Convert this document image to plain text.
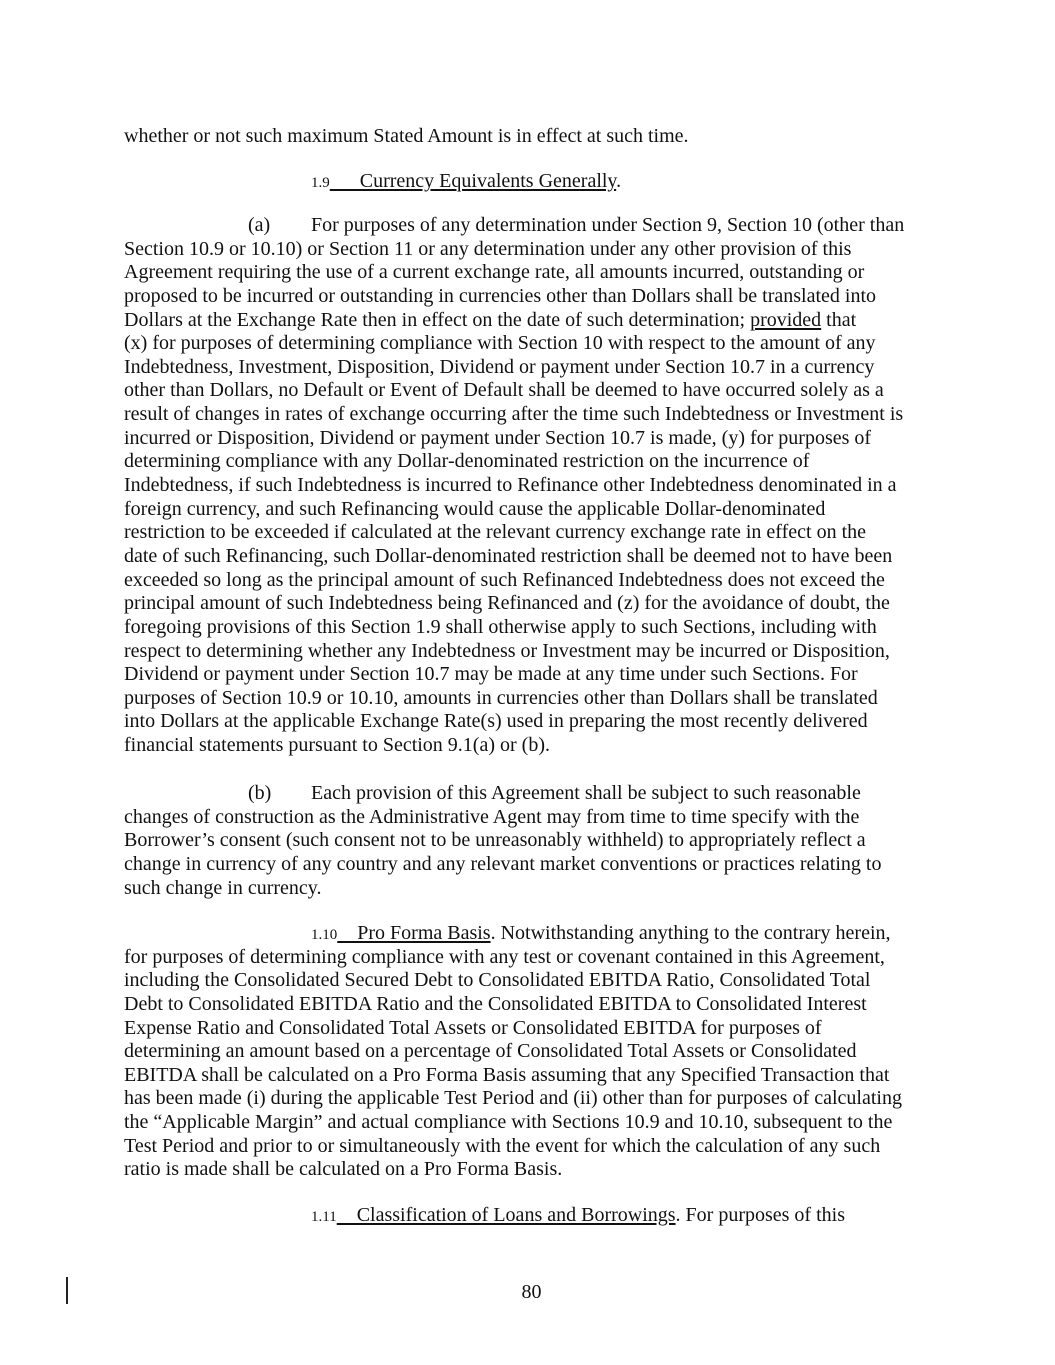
whether or not such maximum Stated Amount is in effect at such time.
1.9      Currency Equivalents Generally.
(a) For purposes of any determination under Section 9, Section 10 (other than
Section 10.9 or 10.10) or Section 11 or any determination under any other provision of this
Agreement requiring the use of a current exchange rate, all amounts incurred, outstanding or
proposed to be incurred or outstanding in currencies other than Dollars shall be translated into
Dollars at the Exchange Rate then in effect on the date of such determination; provided that
(x) for purposes of determining compliance with Section 10 with respect to the amount of any
Indebtedness, Investment, Disposition, Dividend or payment under Section 10.7 in a currency
other than Dollars, no Default or Event of Default shall be deemed to have occurred solely as a
result of changes in rates of exchange occurring after the time such Indebtedness or Investment is
incurred or Disposition, Dividend or payment under Section 10.7 is made, (y) for purposes of
determining compliance with any Dollar-denominated restriction on the incurrence of
Indebtedness, if such Indebtedness is incurred to Refinance other Indebtedness denominated in a
foreign currency, and such Refinancing would cause the applicable Dollar-denominated
restriction to be exceeded if calculated at the relevant currency exchange rate in effect on the
date of such Refinancing, such Dollar-denominated restriction shall be deemed not to have been
exceeded so long as the principal amount of such Refinanced Indebtedness does not exceed the
principal amount of such Indebtedness being Refinanced and (z) for the avoidance of doubt, the
foregoing provisions of this Section 1.9 shall otherwise apply to such Sections, including with
respect to determining whether any Indebtedness or Investment may be incurred or Disposition,
Dividend or payment under Section 10.7 may be made at any time under such Sections. For
purposes of Section 10.9 or 10.10, amounts in currencies other than Dollars shall be translated
into Dollars at the applicable Exchange Rate(s) used in preparing the most recently delivered
financial statements pursuant to Section 9.1(a) or (b).
(b) Each provision of this Agreement shall be subject to such reasonable
changes of construction as the Administrative Agent may from time to time specify with the
Borrower’s consent (such consent not to be unreasonably withheld) to appropriately reflect a
change in currency of any country and any relevant market conventions or practices relating to
such change in currency.
1.10    Pro Forma Basis. Notwithstanding anything to the contrary herein,
for purposes of determining compliance with any test or covenant contained in this Agreement,
including the Consolidated Secured Debt to Consolidated EBITDA Ratio, Consolidated Total
Debt to Consolidated EBITDA Ratio and the Consolidated EBITDA to Consolidated Interest
Expense Ratio and Consolidated Total Assets or Consolidated EBITDA for purposes of
determining an amount based on a percentage of Consolidated Total Assets or Consolidated
EBITDA shall be calculated on a Pro Forma Basis assuming that any Specified Transaction that
has been made (i) during the applicable Test Period and (ii) other than for purposes of calculating
the “Applicable Margin” and actual compliance with Sections 10.9 and 10.10, subsequent to the
Test Period and prior to or simultaneously with the event for which the calculation of any such
ratio is made shall be calculated on a Pro Forma Basis.
1.11    Classification of Loans and Borrowings. For purposes of this
80
